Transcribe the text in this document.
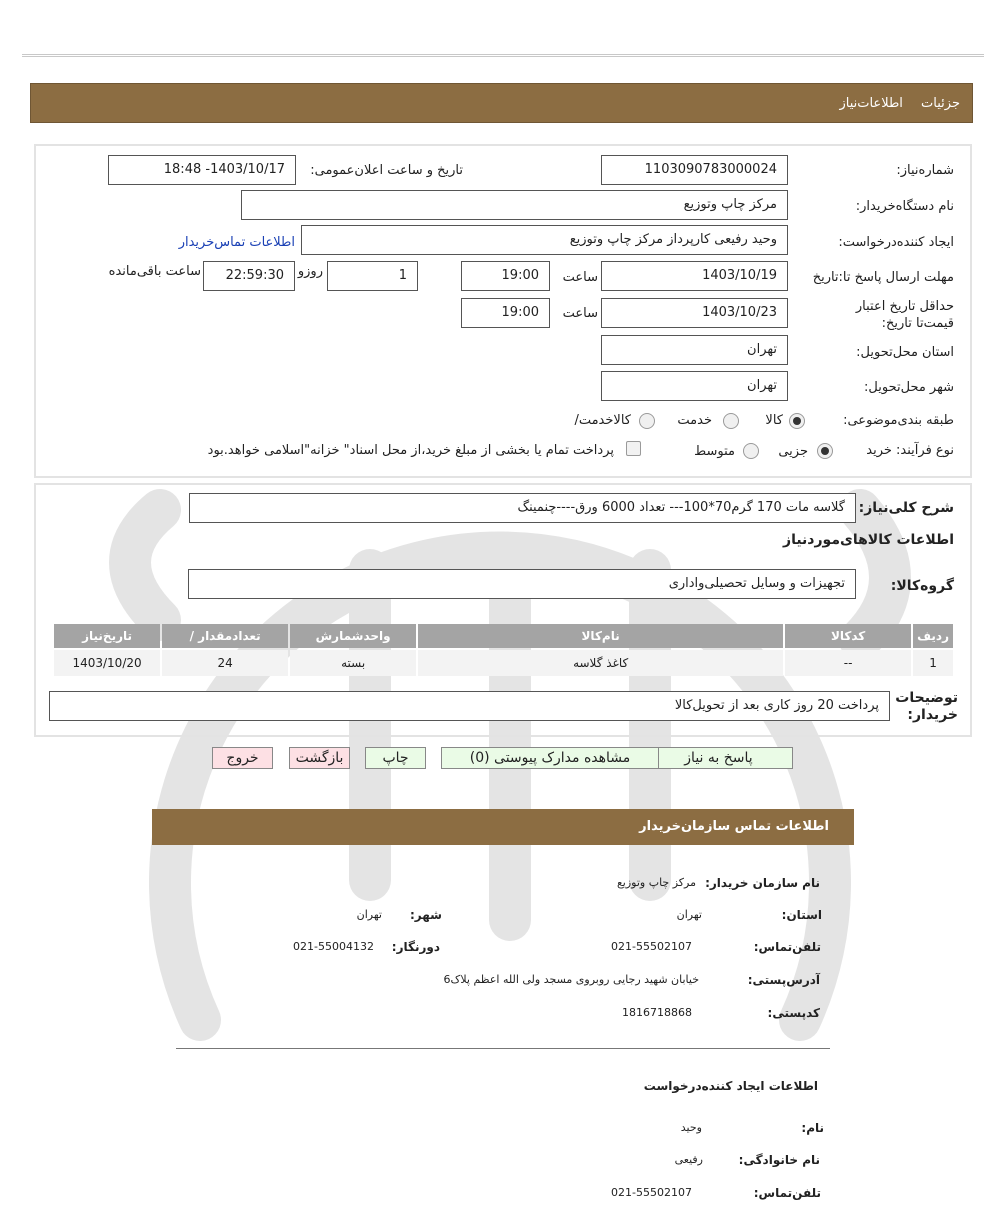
جزئیات اطلاعات‌نیاز
شماره‌نیاز:
1103090783000024
تاریخ و ساعت اعلان‌عمومی:
1403/10/17- 18:48
نام دستگاه‌خریدار:
مرکز چاپ وتوزیع
ایجاد کننده‌درخواست:
وحید رفیعی کارپرداز مرکز چاپ وتوزیع
اطلاعات تماس‌خریدار
مهلت ارسال پاسخ تا:تاریخ
1403/10/19
ساعت
19:00
1
روزو
22:59:30
ساعت باقی‌مانده
حداقل تاریخ اعتبار قیمت‌تا تاریخ:
1403/10/23
ساعت
19:00
استان محل‌تحویل:
تهران
شهر محل‌تحویل:
تهران
طبقه بندی‌موضوعی:
کالا
خدمت
کالاخدمت/
نوع فرآیند: خرید
جزیی
متوسط
پرداخت تمام یا بخشی از مبلغ خرید،از محل اسناد" خزانه"اسلامی خواهد.بود
شرح کلی‌نیاز:
گلاسه مات 170 گرم70*100--- تعداد 6000 ورق----چنمینگ
اطلاعات کالاهای‌موردنیاز
گروه‌کالا:
تجهیزات و وسایل تحصیلی‌واداری
ردیف	کدکالا	نام‌کالا	واحدشمارش	تعدادمقدار /	تاریخ‌نیاز
1	--	کاغذ گلاسه	بسته	24	1403/10/20
توضیحات خریدار:
پرداخت 20 روز کاری بعد از تحویل‌کالا
پاسخ به نیاز
مشاهده مدارک پیوستی (0)
چاپ
بازگشت
خروج
اطلاعات تماس سازمان‌خریدار
نام سازمان خریدار:
مرکز چاپ وتوزیع
استان:
تهران
شهر:
تهران
تلفن‌تماس:
021-55502107
دورنگار:
021-55004132
آدرس‌پستی:
خیابان شهید رجایی روبروی مسجد ولی الله اعظم پلاک6
کدپستی:
1816718868
اطلاعات ایجاد کننده‌درخواست
نام:
وحید
نام خانوادگی:
رفیعی
تلفن‌تماس:
021-55502107
